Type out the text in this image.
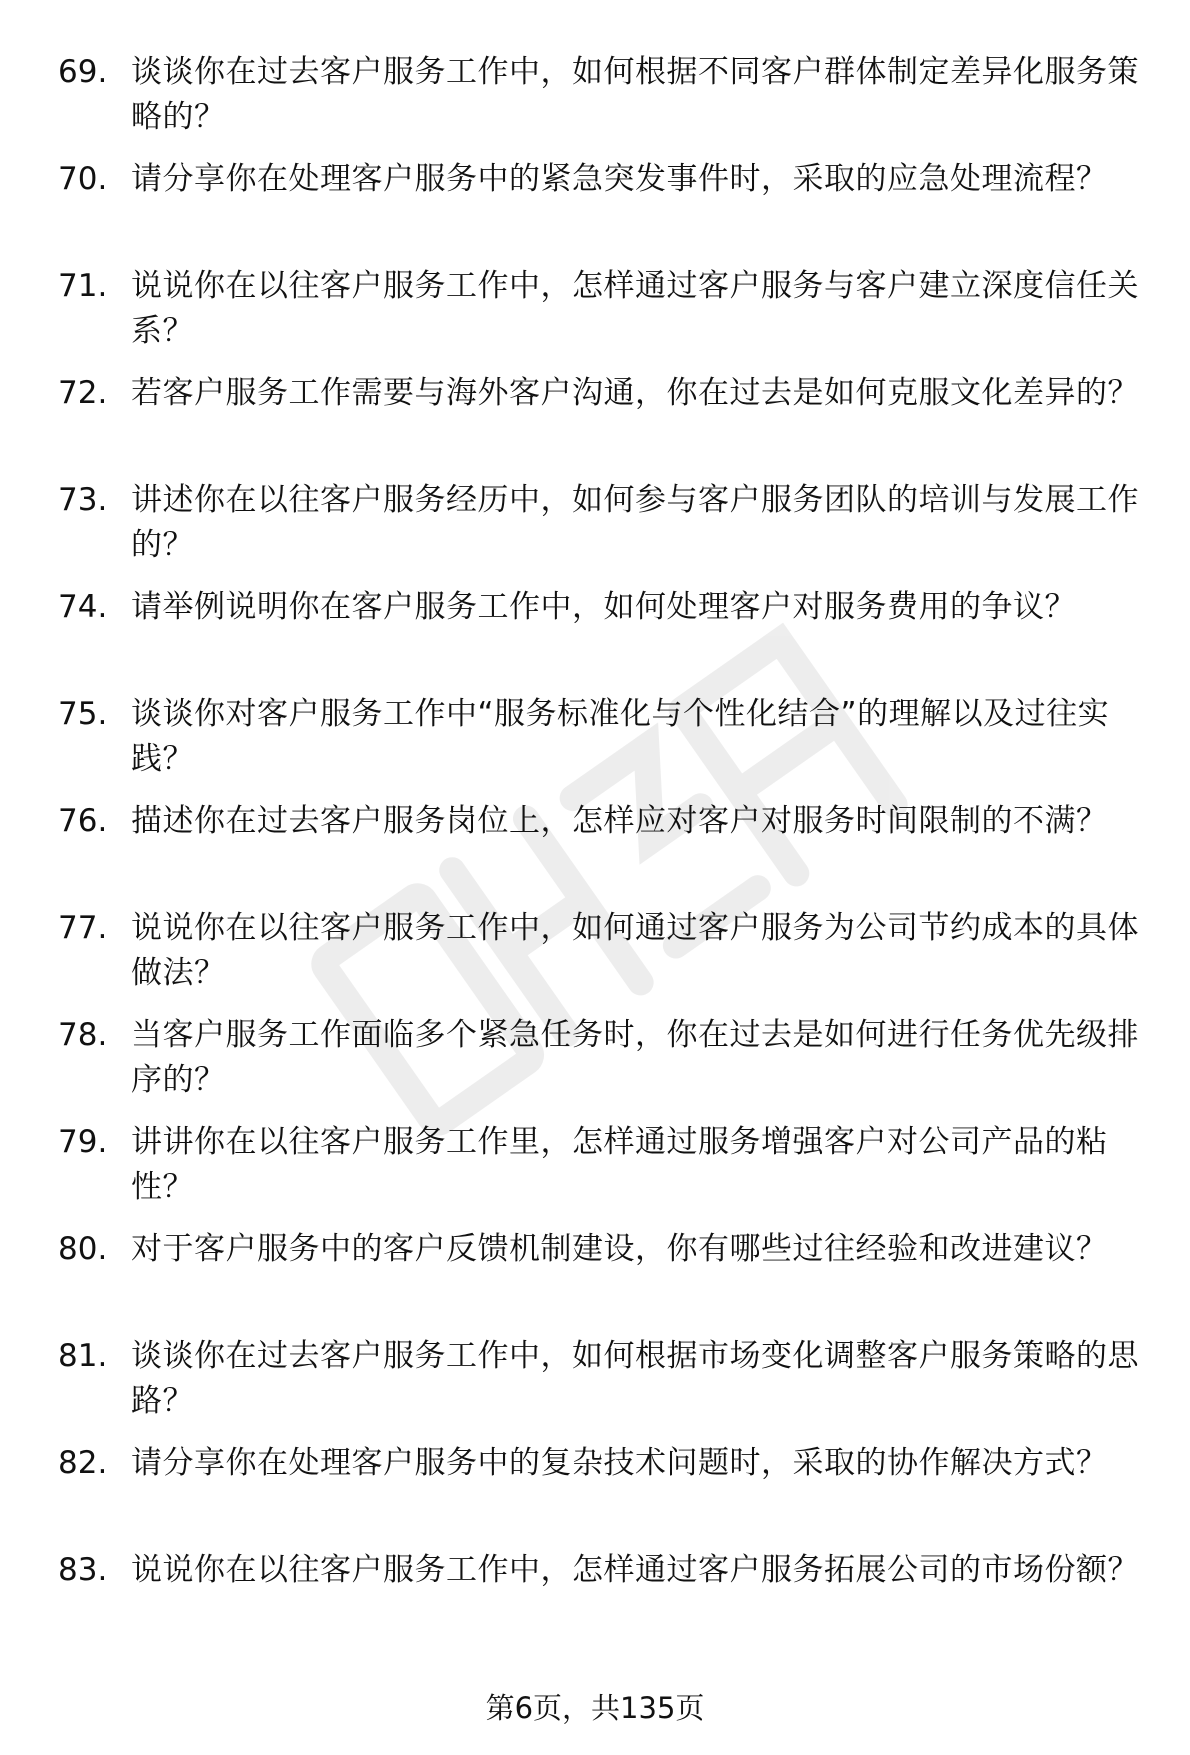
69. 谈谈你在过去客户服务工作中，如何根据不同客户群体制定差异化服务策略的？
70. 请分享你在处理客户服务中的紧急突发事件时，采取的应急处理流程？
71. 说说你在以往客户服务工作中，怎样通过客户服务与客户建立深度信任关系？
72. 若客户服务工作需要与海外客户沟通，你在过去是如何克服文化差异的？
73. 讲述你在以往客户服务经历中，如何参与客户服务团队的培训与发展工作的？
74. 请举例说明你在客户服务工作中，如何处理客户对服务费用的争议？
75. 谈谈你对客户服务工作中“服务标准化与个性化结合”的理解以及过往实践？
76. 描述你在过去客户服务岗位上，怎样应对客户对服务时间限制的不满？
77. 说说你在以往客户服务工作中，如何通过客户服务为公司节约成本的具体做法？
78. 当客户服务工作面临多个紧急任务时，你在过去是如何进行任务优先级排序的？
79. 讲讲你在以往客户服务工作里，怎样通过服务增强客户对公司产品的粘性？
80. 对于客户服务中的客户反馈机制建设，你有哪些过往经验和改进建议？
81. 谈谈你在过去客户服务工作中，如何根据市场变化调整客户服务策略的思路？
82. 请分享你在处理客户服务中的复杂技术问题时，采取的协作解决方式？
83. 说说你在以往客户服务工作中，怎样通过客户服务拓展公司的市场份额？
第6页，共135页
